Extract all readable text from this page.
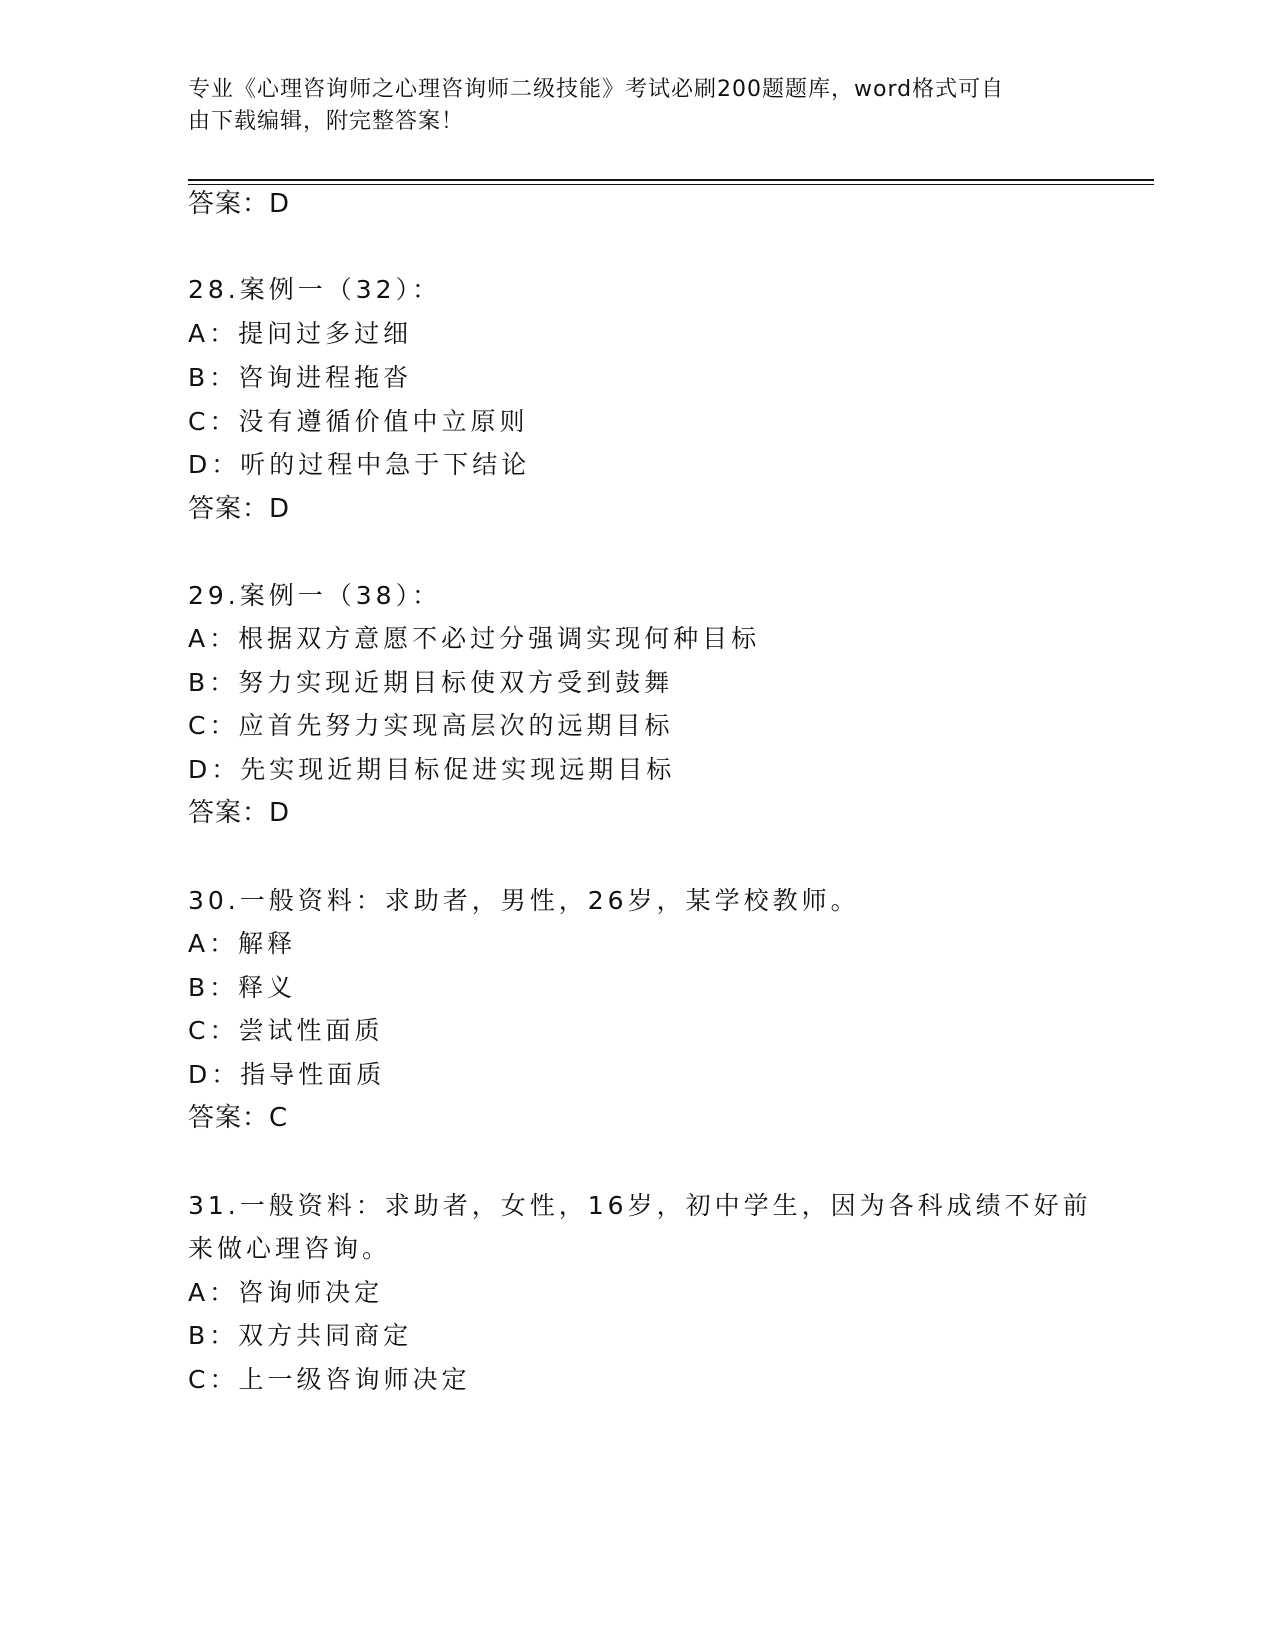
专业《心理咨询师之心理咨询师二级技能》考试必刷200题题库，word格式可自
由下载编辑，附完整答案！
答案：D
28.案例一（32）：
A：提问过多过细
B：咨询进程拖沓
C：没有遵循价值中立原则
D：听的过程中急于下结论
答案：D
29.案例一（38）：
A：根据双方意愿不必过分强调实现何种目标
B：努力实现近期目标使双方受到鼓舞
C：应首先努力实现高层次的远期目标
D：先实现近期目标促进实现远期目标
答案：D
30.一般资料：求助者，男性，26岁，某学校教师。
A：解释
B：释义
C：尝试性面质
D：指导性面质
答案：C
31.一般资料：求助者，女性，16岁，初中学生，因为各科成绩不好前
来做心理咨询。
A：咨询师决定
B：双方共同商定
C：上一级咨询师决定
